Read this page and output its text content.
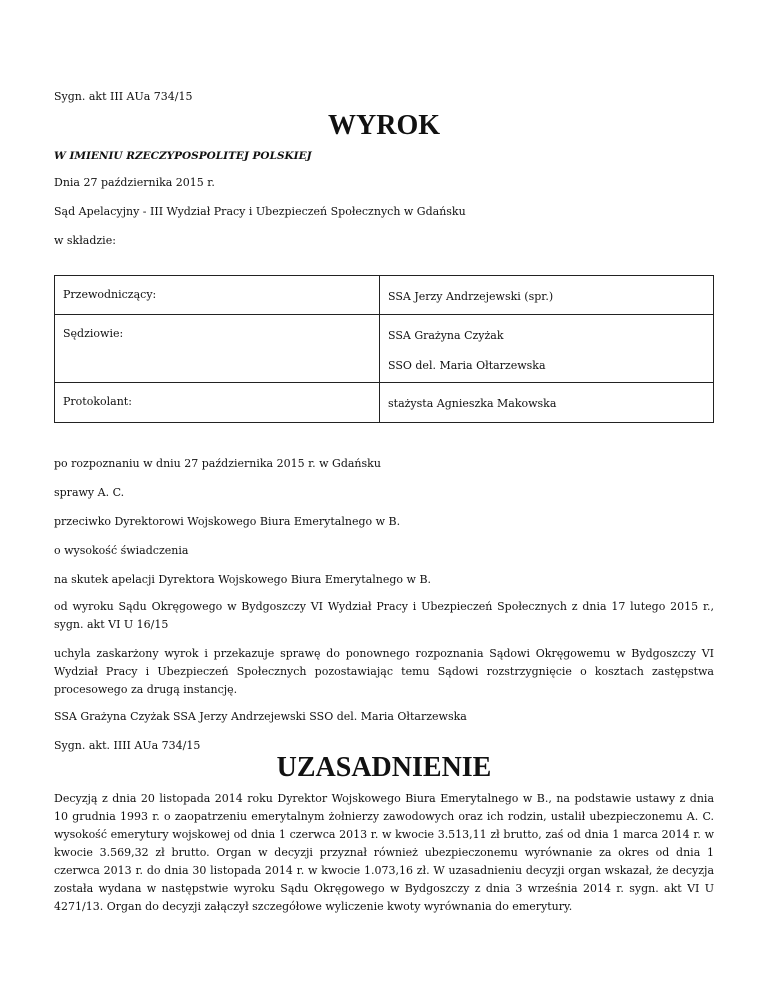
Sygn. akt III AUa 734/15

WYROK

W IMIENIU RZECZYPOSPOLITEJ POLSKIEJ

Dnia 27 października 2015 r.

Sąd Apelacyjny - III Wydział Pracy i Ubezpieczeń Społecznych w Gdańsku

w składzie:

Przewodniczący:	SSA Jerzy Andrzejewski (spr.)

Sędziowie:	SSA Grażyna Czyżak
SSO del. Maria Ołtarzewska

Protokolant:	stażysta Agnieszka Makowska

po rozpoznaniu w dniu 27 października 2015 r. w Gdańsku

sprawy A. C.

przeciwko Dyrektorowi Wojskowego Biura Emerytalnego w B.

o wysokość świadczenia

na skutek apelacji Dyrektora Wojskowego Biura Emerytalnego w B.

od wyroku Sądu Okręgowego w Bydgoszczy VI Wydział Pracy i Ubezpieczeń Społecznych z dnia 17 lutego 2015 r., sygn. akt VI U 16/15

uchyla zaskarżony wyrok i przekazuje sprawę do ponownego rozpoznania Sądowi Okręgowemu w Bydgoszczy VI Wydział Pracy i Ubezpieczeń Społecznych pozostawiając temu Sądowi rozstrzygnięcie o kosztach zastępstwa procesowego za drugą instancję.

SSA Grażyna Czyżak SSA Jerzy Andrzejewski SSO del. Maria Ołtarzewska

Sygn. akt. IIII AUa 734/15

UZASADNIENIE

Decyzją z dnia 20 listopada 2014 roku Dyrektor Wojskowego Biura Emerytalnego w B., na podstawie ustawy z dnia 10 grudnia 1993 r. o zaopatrzeniu emerytalnym żołnierzy zawodowych oraz ich rodzin, ustalił ubezpieczonemu A. C. wysokość emerytury wojskowej od dnia 1 czerwca 2013 r. w kwocie 3.513,11 zł brutto, zaś od dnia 1 marca 2014 r. w kwocie 3.569,32 zł brutto. Organ w decyzji przyznał również ubezpieczonemu wyrównanie za okres od dnia 1 czerwca 2013 r. do dnia 30 listopada 2014 r. w kwocie 1.073,16 zł. W uzasadnieniu decyzji organ wskazał, że decyzja została wydana w następstwie wyroku Sądu Okręgowego w Bydgoszczy z dnia 3 września 2014 r. sygn. akt VI U 4271/13. Organ do decyzji załączył szczegółowe wyliczenie kwoty wyrównania do emerytury.
